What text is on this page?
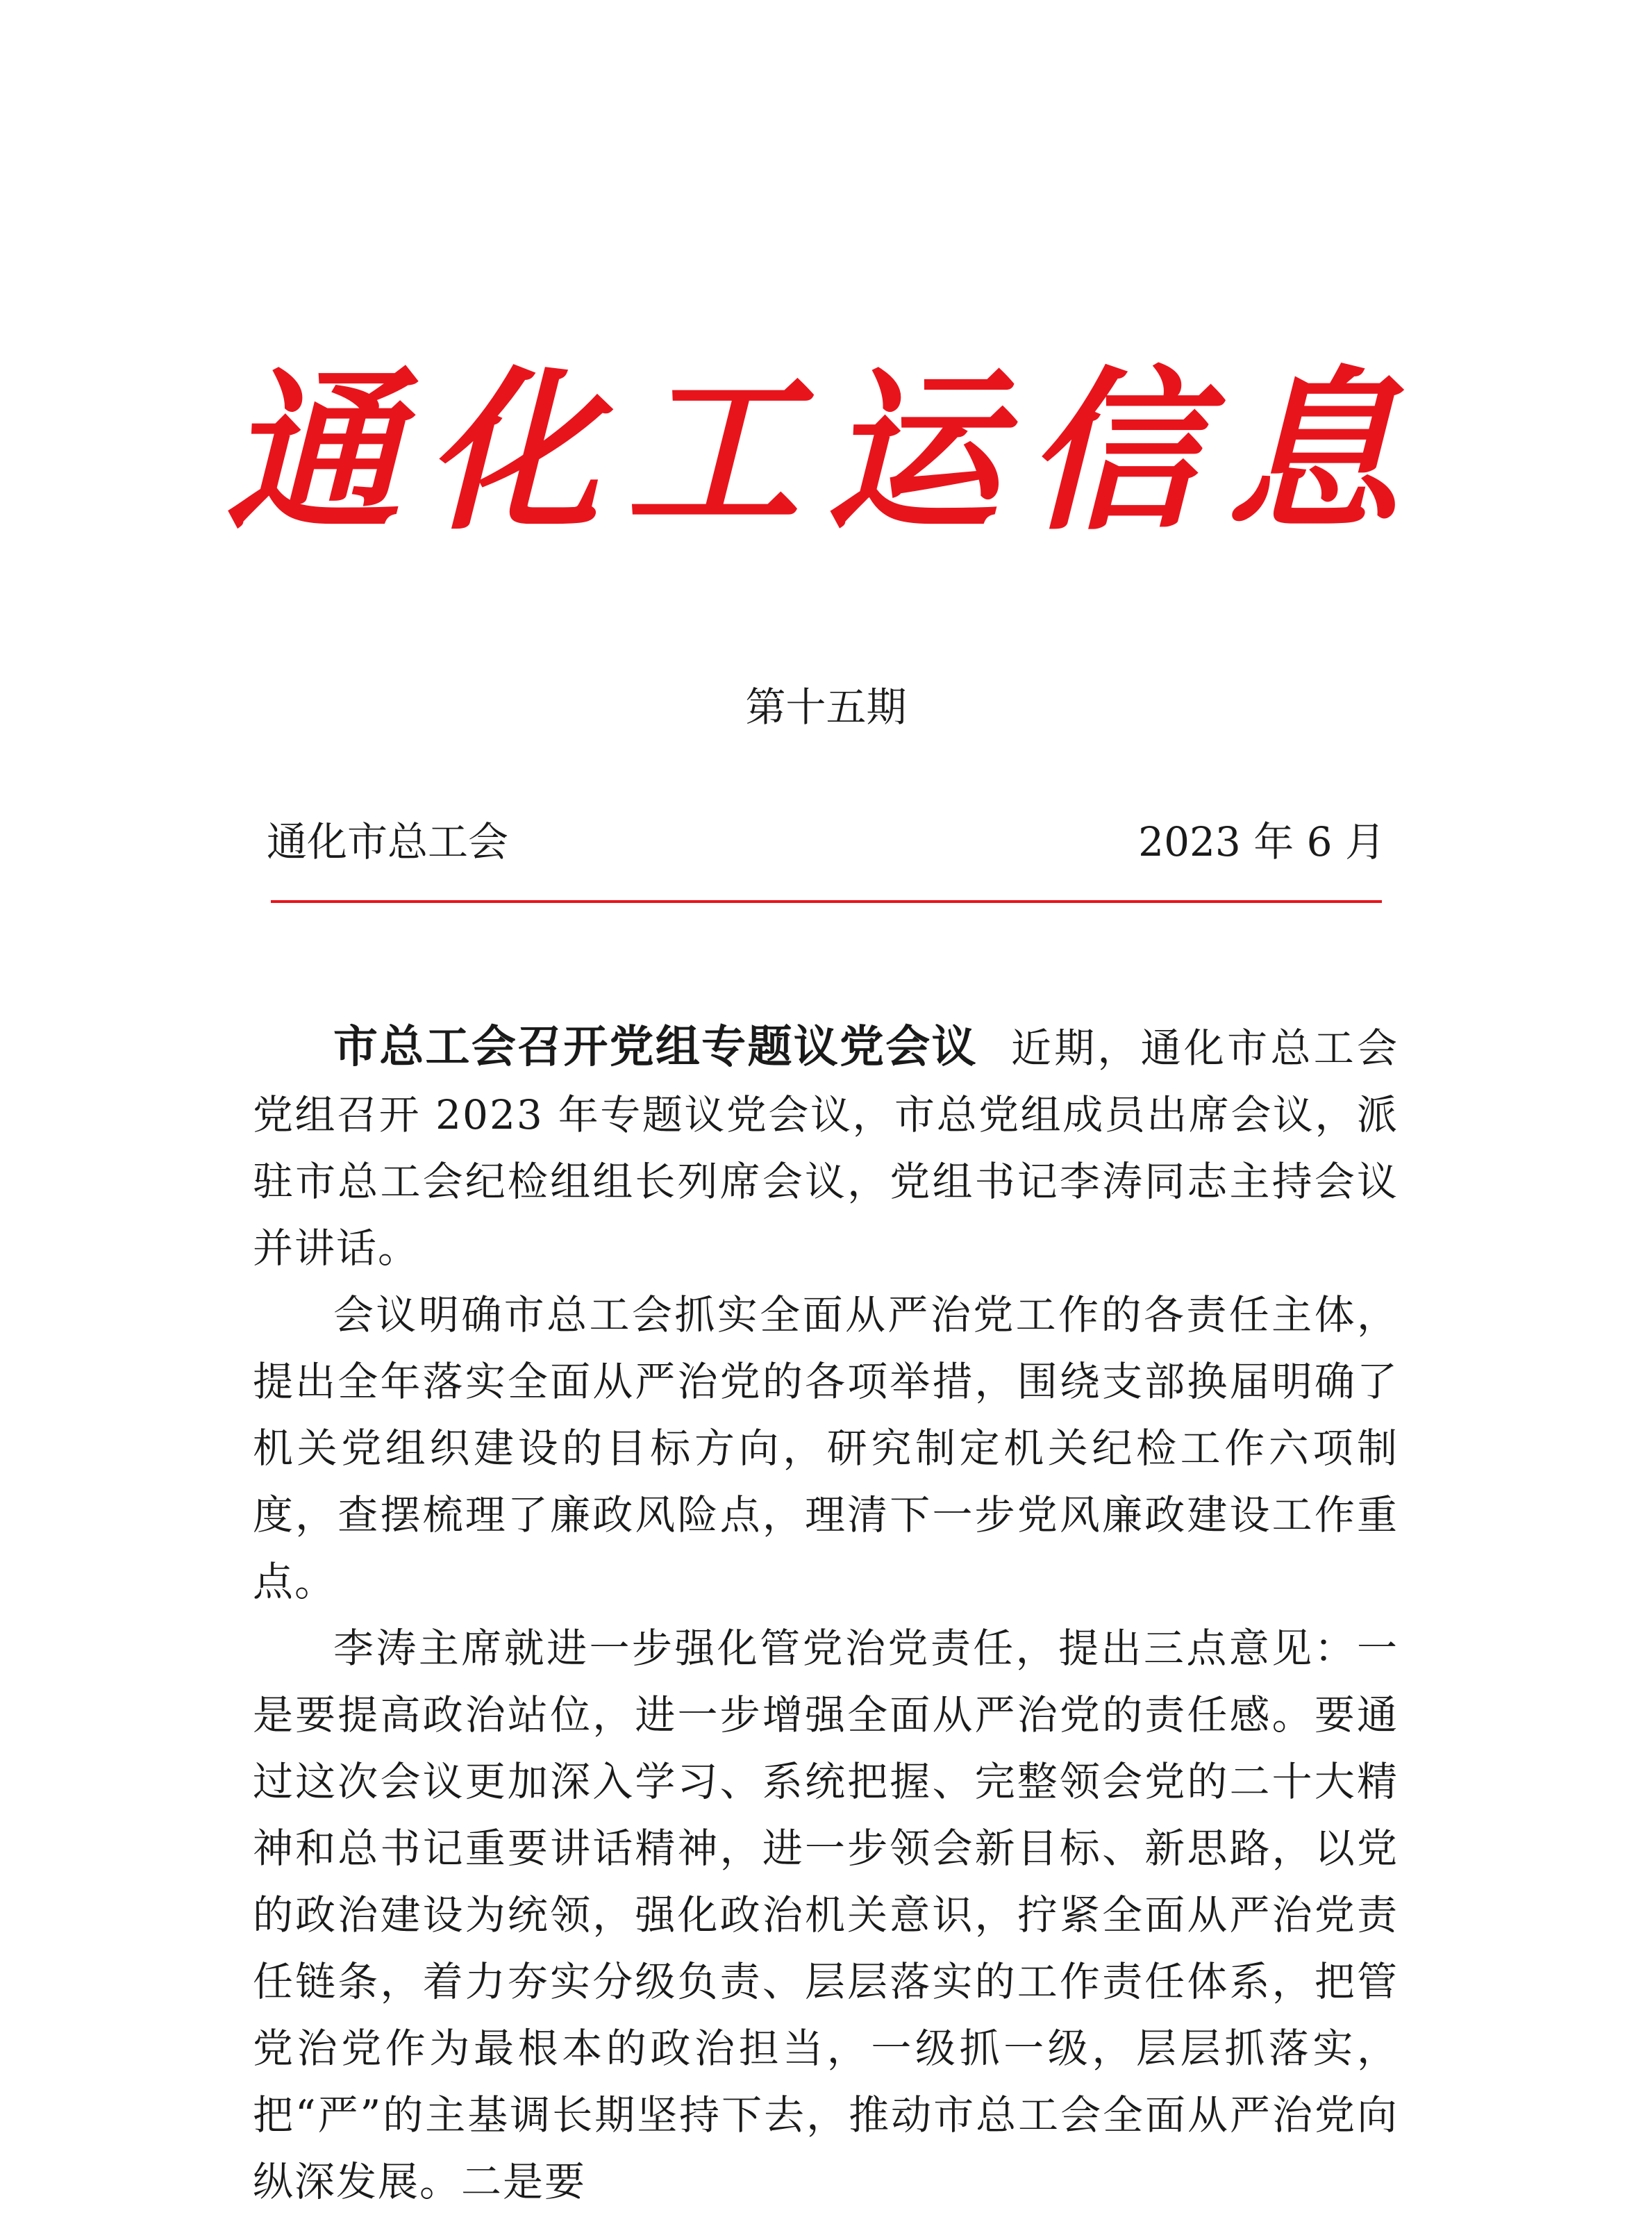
通化工运信息
第十五期
通化市总工会	2023 年 6 月

市总工会召开党组专题议党会议 近期，通化市总工会党组召开 2023 年专题议党会议，市总党组成员出席会议，派驻市总工会纪检组组长列席会议，党组书记李涛同志主持会议并讲话。

会议明确市总工会抓实全面从严治党工作的各责任主体，提出全年落实全面从严治党的各项举措，围绕支部换届明确了机关党组织建设的目标方向，研究制定机关纪检工作六项制度，查摆梳理了廉政风险点，理清下一步党风廉政建设工作重点。

李涛主席就进一步强化管党治党责任，提出三点意见：一是要提高政治站位，进一步增强全面从严治党的责任感。要通过这次会议更加深入学习、系统把握、完整领会党的二十大精神和总书记重要讲话精神，进一步领会新目标、新思路，以党的政治建设为统领，强化政治机关意识，拧紧全面从严治党责任链条，着力夯实分级负责、层层落实的工作责任体系，把管党治党作为最根本的政治担当，一级抓一级，层层抓落实，把“严”的主基调长期坚持下去，推动市总工会全面从严治党向纵深发展。二是要
